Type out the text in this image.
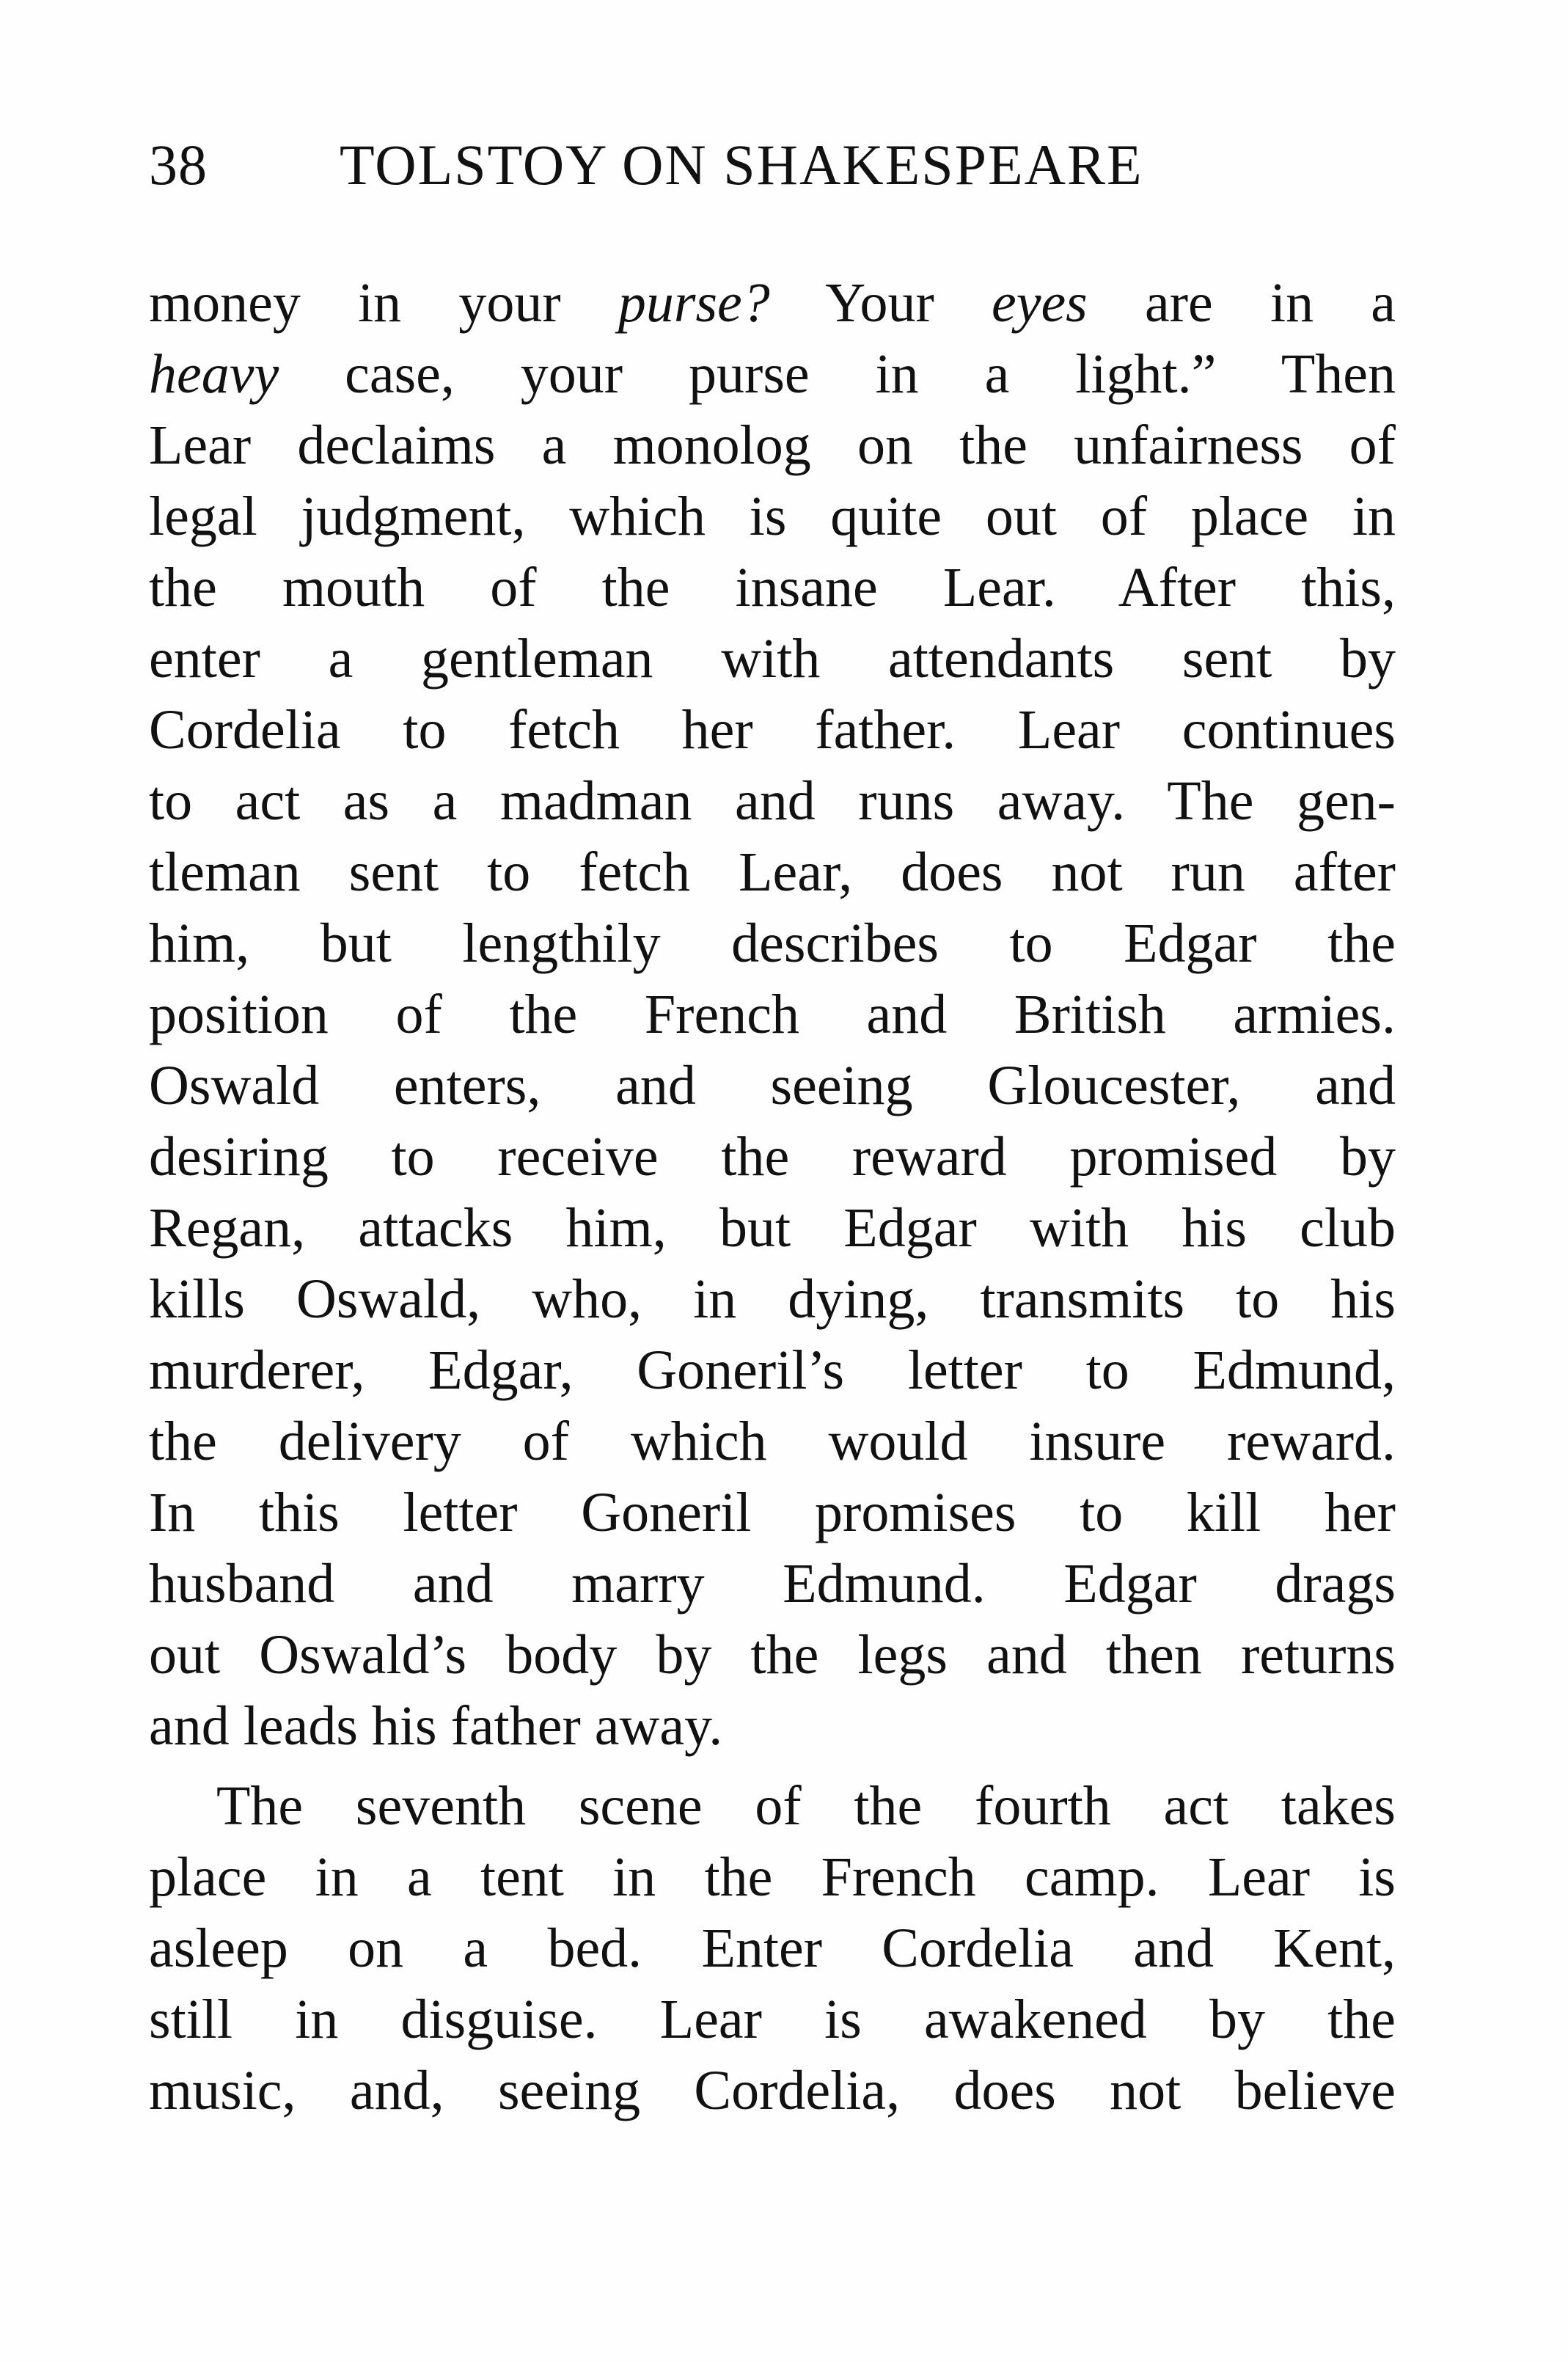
38 TOLSTOY ON SHAKESPEARE
money in your purse? Your eyes are in a
heavy case, your purse in a light.” Then
Lear declaims a monolog on the unfairness of
legal judgment, which is quite out of place in
the mouth of the insane Lear. After this,
enter a gentleman with attendants sent by
Cordelia to fetch her father. Lear continues
to act as a madman and runs away. The gen-
tleman sent to fetch Lear, does not run after
him, but lengthily describes to Edgar the
position of the French and British armies.
Oswald enters, and seeing Gloucester, and
desiring to receive the reward promised by
Regan, attacks him, but Edgar with his club
kills Oswald, who, in dying, transmits to his
murderer, Edgar, Goneril’s letter to Edmund,
the delivery of which would insure reward.
In this letter Goneril promises to kill her
husband and marry Edmund. Edgar drags
out Oswald’s body by the legs and then returns
and leads his father away.
The seventh scene of the fourth act takes
place in a tent in the French camp. Lear is
asleep on a bed. Enter Cordelia and Kent,
still in disguise. Lear is awakened by the
music, and, seeing Cordelia, does not believe
